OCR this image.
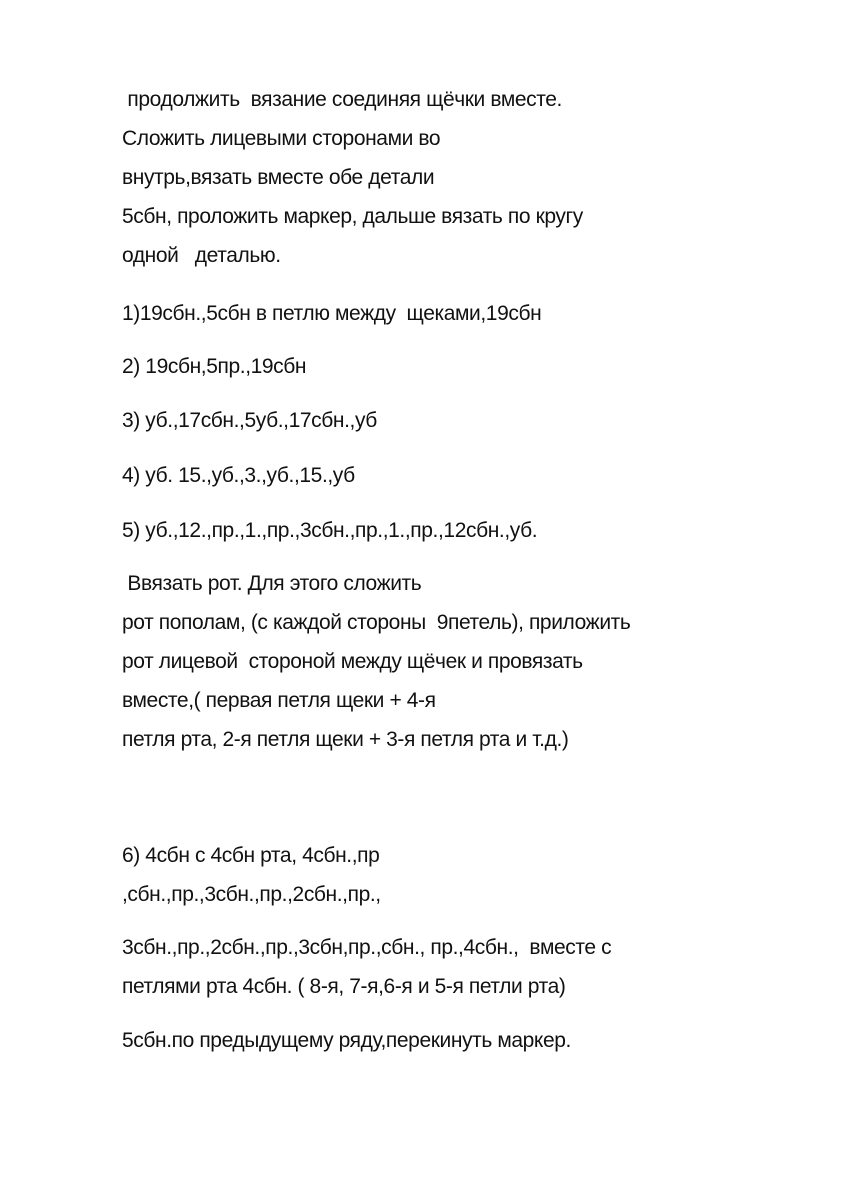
продолжить  вязание соединяя щёчки вместе.
Сложить лицевыми сторонами во
внутрь,вязать вместе обе детали
5сбн, проложить маркер, дальше вязать по кругу
одной   деталью.
1)19сбн.,5сбн в петлю между  щеками,19сбн
2) 19сбн,5пр.,19сбн
3) уб.,17сбн.,5уб.,17сбн.,уб
4) уб. 15.,уб.,3.,уб.,15.,уб
5) уб.,12.,пр.,1.,пр.,3сбн.,пр.,1.,пр.,12сбн.,уб.
Ввязать рот. Для этого сложить
рот пополам, (с каждой стороны  9петель), приложить
рот лицевой  стороной между щёчек и провязать
вместе,( первая петля щеки + 4-я
петля рта, 2-я петля щеки + 3-я петля рта и т.д.)
6) 4сбн с 4сбн рта, 4сбн.,пр
,сбн.,пр.,3сбн.,пр.,2сбн.,пр.,
3сбн.,пр.,2сбн.,пр.,3сбн,пр.,сбн., пр.,4сбн.,  вместе с
петлями рта 4сбн. ( 8-я, 7-я,6-я и 5-я петли рта)
5сбн.по предыдущему ряду,перекинуть маркер.
